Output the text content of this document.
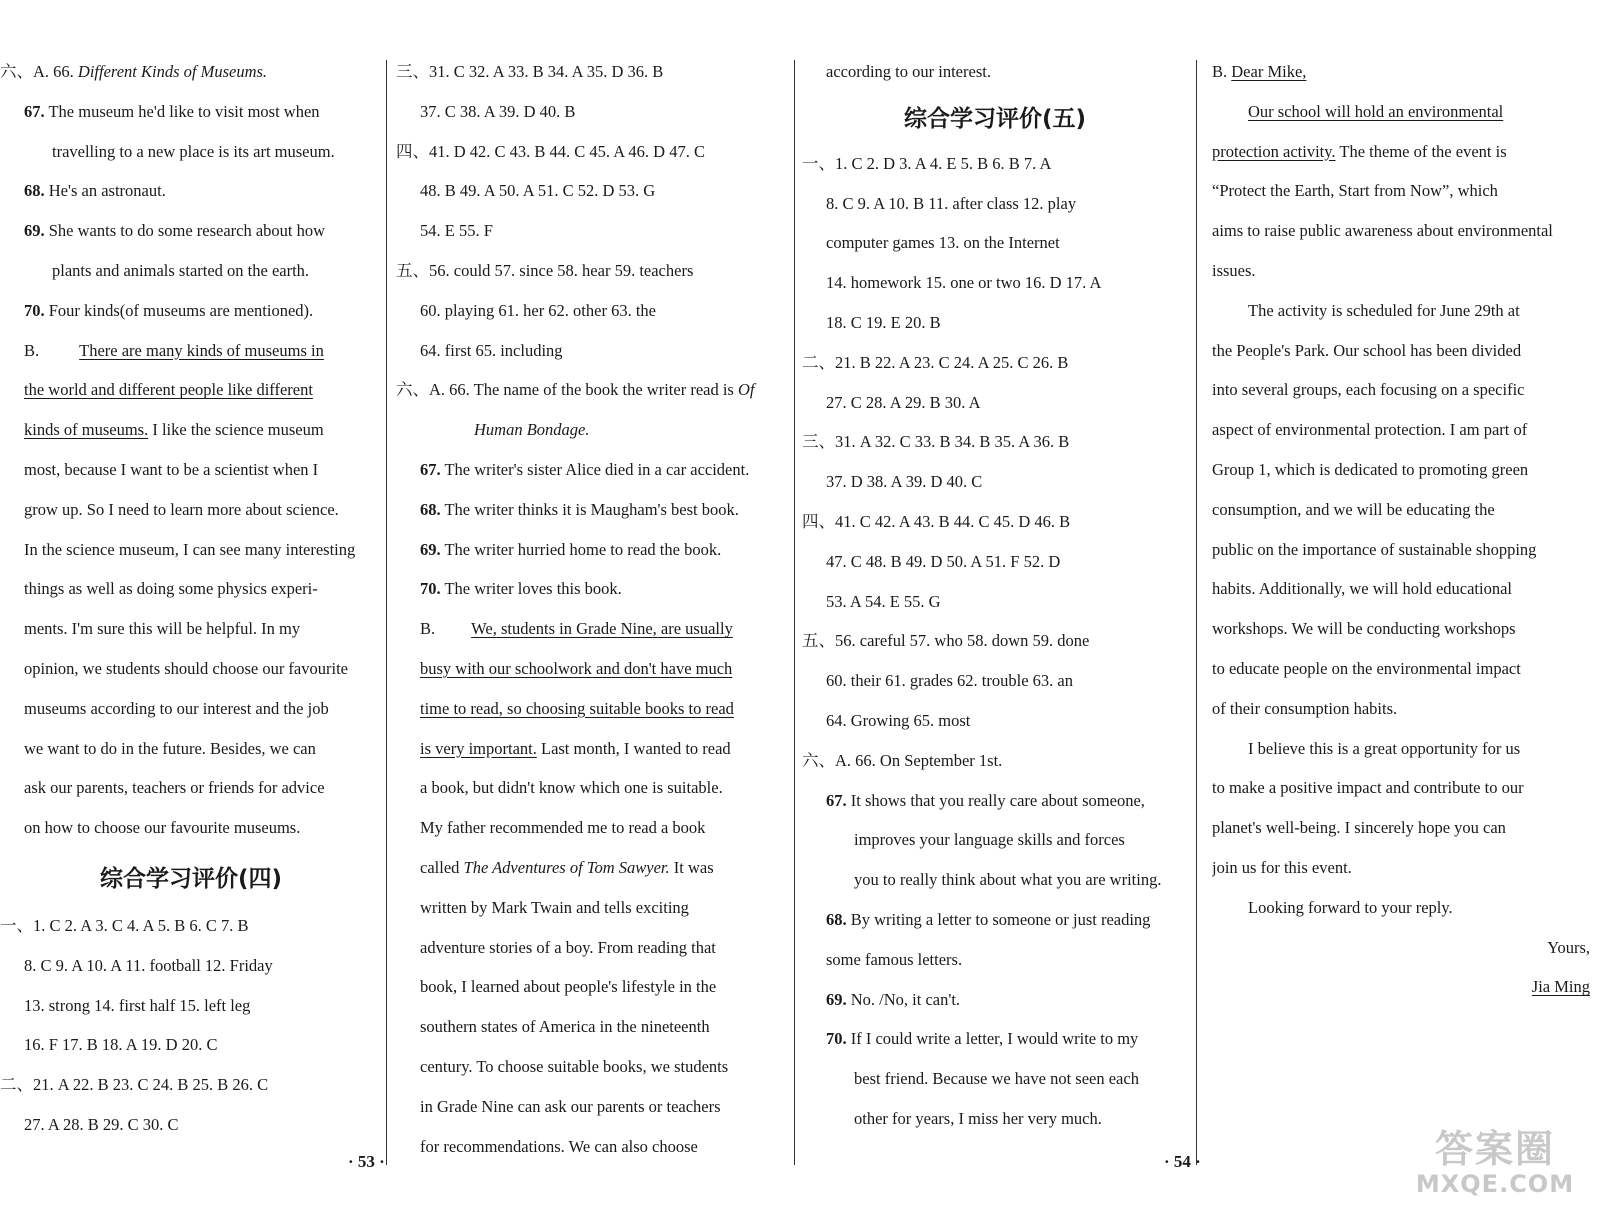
六、A. 66. Different Kinds of Museums.
67. The museum he'd like to visit most when
travelling to a new place is its art museum.
68. He's an astronaut.
69. She wants to do some research about how
plants and animals started on the earth.
70. Four kinds(of museums are mentioned).
B. There are many kinds of museums in
the world and different people like different
kinds of museums. I like the science museum
most, because I want to be a scientist when I
grow up. So I need to learn more about science.
In the science museum, I can see many interesting
things as well as doing some physics experi-
ments. I'm sure this will be helpful. In my
opinion, we students should choose our favourite
museums according to our interest and the job
we want to do in the future. Besides, we can
ask our parents, teachers or friends for advice
on how to choose our favourite museums.
综合学习评价(四)
一、1. C 2. A 3. C 4. A 5. B 6. C 7. B
8. C 9. A 10. A 11. football 12. Friday
13. strong 14. first half 15. left leg
16. F 17. B 18. A 19. D 20. C
二、21. A 22. B 23. C 24. B 25. B 26. C
27. A 28. B 29. C 30. C
三、31. C 32. A 33. B 34. A 35. D 36. B
37. C 38. A 39. D 40. B
四、41. D 42. C 43. B 44. C 45. A 46. D 47. C
48. B 49. A 50. A 51. C 52. D 53. G
54. E 55. F
五、56. could 57. since 58. hear 59. teachers
60. playing 61. her 62. other 63. the
64. first 65. including
六、A. 66. The name of the book the writer read is Of
Human Bondage.
67. The writer's sister Alice died in a car accident.
68. The writer thinks it is Maugham's best book.
69. The writer hurried home to read the book.
70. The writer loves this book.
B. We, students in Grade Nine, are usually
busy with our schoolwork and don't have much
time to read, so choosing suitable books to read
is very important. Last month, I wanted to read
a book, but didn't know which one is suitable.
My father recommended me to read a book
called The Adventures of Tom Sawyer. It was
written by Mark Twain and tells exciting
adventure stories of a boy. From reading that
book, I learned about people's lifestyle in the
southern states of America in the nineteenth
century. To choose suitable books, we students
in Grade Nine can ask our parents or teachers
for recommendations. We can also choose
according to our interest.
综合学习评价(五)
一、1. C 2. D 3. A 4. E 5. B 6. B 7. A
8. C 9. A 10. B 11. after class 12. play
computer games 13. on the Internet
14. homework 15. one or two 16. D 17. A
18. C 19. E 20. B
二、21. B 22. A 23. C 24. A 25. C 26. B
27. C 28. A 29. B 30. A
三、31. A 32. C 33. B 34. B 35. A 36. B
37. D 38. A 39. D 40. C
四、41. C 42. A 43. B 44. C 45. D 46. B
47. C 48. B 49. D 50. A 51. F 52. D
53. A 54. E 55. G
五、56. careful 57. who 58. down 59. done
60. their 61. grades 62. trouble 63. an
64. Growing 65. most
六、A. 66. On September 1st.
67. It shows that you really care about someone,
improves your language skills and forces
you to really think about what you are writing.
68. By writing a letter to someone or just reading
some famous letters.
69. No. /No, it can't.
70. If I could write a letter, I would write to my
best friend. Because we have not seen each
other for years, I miss her very much.
B. Dear Mike,
Our school will hold an environmental
protection activity. The theme of the event is
“Protect the Earth, Start from Now”, which
aims to raise public awareness about environmental
issues.
The activity is scheduled for June 29th at
the People's Park. Our school has been divided
into several groups, each focusing on a specific
aspect of environmental protection. I am part of
Group 1, which is dedicated to promoting green
consumption, and we will be educating the
public on the importance of sustainable shopping
habits. Additionally, we will hold educational
workshops. We will be conducting workshops
to educate people on the environmental impact
of their consumption habits.
I believe this is a great opportunity for us
to make a positive impact and contribute to our
planet's well-being. I sincerely hope you can
join us for this event.
Looking forward to your reply.
Yours,
Jia Ming
· 53 ·	· 54 ·	答案圈
MXQE.COM
